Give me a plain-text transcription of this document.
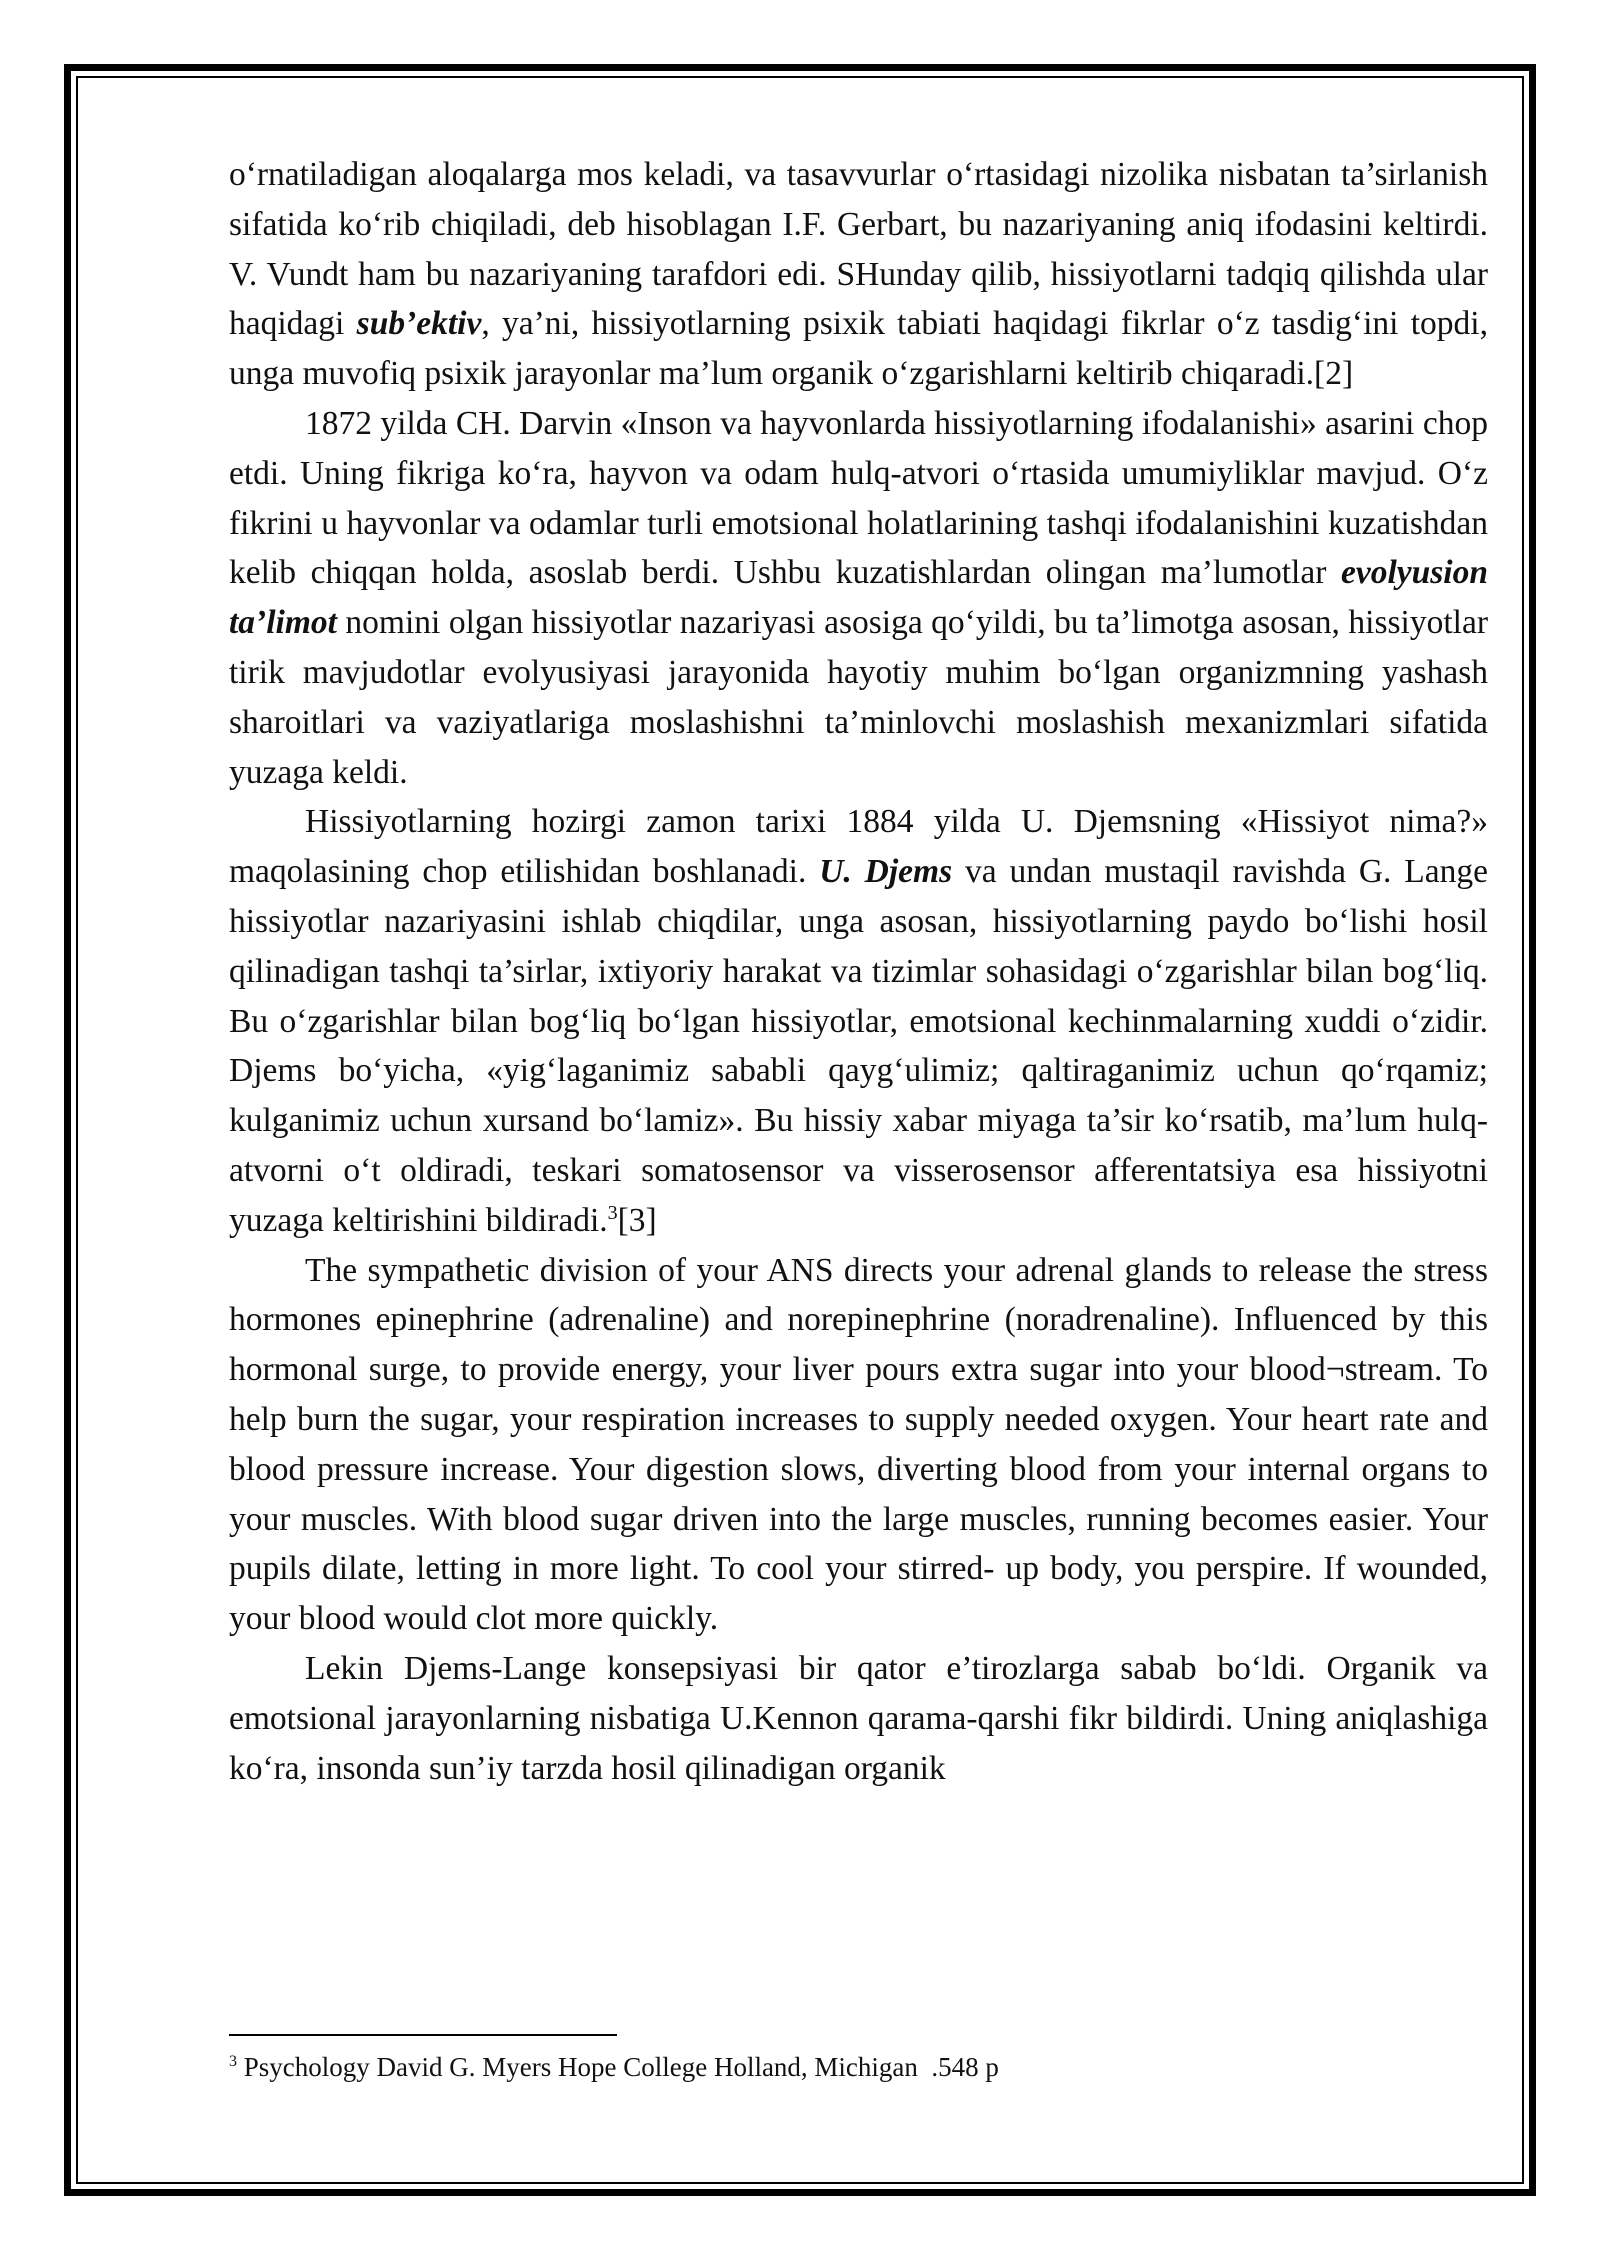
o‘rnatiladigan aloqalarga mos keladi, va tasavvurlar o‘rtasidagi nizolika nisbatan ta’sirlanish sifatida ko‘rib chiqiladi, deb hisoblagan I.F. Gerbart, bu nazariyaning aniq ifodasini keltirdi. V. Vundt ham bu nazariyaning tarafdori edi. SHunday qilib, hissiyotlarni tadqiq qilishda ular haqidagi sub’ektiv, ya’ni, hissiyotlarning psixik tabiati haqidagi fikrlar o‘z tasdig‘ini topdi, unga muvofiq psixik jarayonlar ma’lum organik o‘zgarishlarni keltirib chiqaradi.[2]

1872 yilda CH. Darvin «Inson va hayvonlarda hissiyotlarning ifodalanishi» asarini chop etdi. Uning fikriga ko‘ra, hayvon va odam hulq-atvori o‘rtasida umumiyliklar mavjud. O‘z fikrini u hayvonlar va odamlar turli emotsional holatlarining tashqi ifodalanishini kuzatishdan kelib chiqqan holda, asoslab berdi. Ushbu kuzatishlardan olingan ma’lumotlar evolyusion ta’limot nomini olgan hissiyotlar nazariyasi asosiga qo‘yildi, bu ta’limotga asosan, hissiyotlar tirik mavjudotlar evolyusiyasi jarayonida hayotiy muhim bo‘lgan organizmning yashash sharoitlari va vaziyatlariga moslashishni ta’minlovchi moslashish mexanizmlari sifatida yuzaga keldi.

Hissiyotlarning hozirgi zamon tarixi 1884 yilda U. Djemsning «Hissiyot nima?» maqolasining chop etilishidan boshlanadi. U. Djems va undan mustaqil ravishda G. Lange hissiyotlar nazariyasini ishlab chiqdilar, unga asosan, hissiyotlarning paydo bo‘lishi hosil qilinadigan tashqi ta’sirlar, ixtiyoriy harakat va tizimlar sohasidagi o‘zgarishlar bilan bog‘liq. Bu o‘zgarishlar bilan bog‘liq bo‘lgan hissiyotlar, emotsional kechinmalarning xuddi o‘zidir. Djems bo‘yicha, «yig‘laganimiz sababli qayg‘ulimiz; qaltiraganimiz uchun qo‘rqamiz; kulganimiz uchun xursand bo‘lamiz». Bu hissiy xabar miyaga ta’sir ko‘rsatib, ma’lum hulq-atvorni o‘t oldiradi, teskari somatosensor va visserosensor afferentatsiya esa hissiyotni yuzaga keltirishini bildiradi.$^3$[3]

The sympathetic division of your ANS directs your adrenal glands to release the stress hormones epinephrine (adrenaline) and norepinephrine (noradrenaline). Influenced by this hormonal surge, to provide energy, your liver pours extra sugar into your blood¬stream. To help burn the sugar, your respiration increases to supply needed oxygen. Your heart rate and blood pressure increase. Your digestion slows, diverting blood from your internal organs to your muscles. With blood sugar driven into the large muscles, running becomes easier. Your pupils dilate, letting in more light. To cool your stirred- up body, you perspire. If wounded, your blood would clot more quickly.

Lekin Djems-Lange konsepsiyasi bir qator e’tirozlarga sabab bo‘ldi. Organik va emotsional jarayonlarning nisbatiga U.Kennon qarama-qarshi fikr bildirdi. Uning aniqlashiga ko‘ra, insonda sun’iy tarzda hosil qilinadigan organik

$^3$ Psychology David G. Myers Hope College Holland, Michigan  .548 p
